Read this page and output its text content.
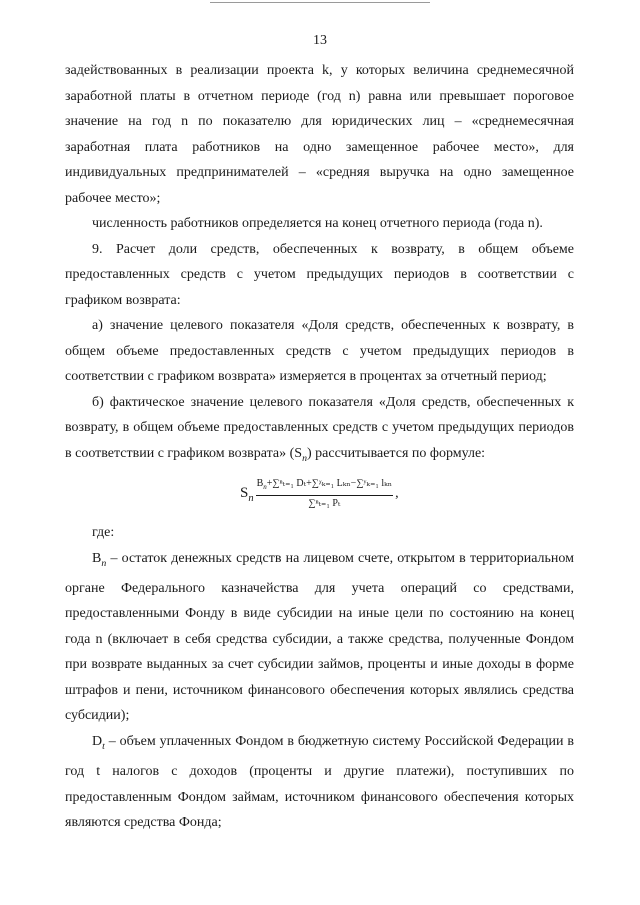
13

задействованных в реализации проекта k, у которых величина среднемесячной заработной платы в отчетном периоде (год n) равна или превышает пороговое значение на год n по показателю для юридических лиц – «среднемесячная заработная плата работников на одно замещенное рабочее место», для индивидуальных предпринимателей – «средняя выручка на одно замещенное рабочее место»;

численность работников определяется на конец отчетного периода (года n).

9. Расчет доли средств, обеспеченных к возврату, в общем объеме предоставленных средств с учетом предыдущих периодов в соответствии с графиком возврата:

а) значение целевого показателя «Доля средств, обеспеченных к возврату, в общем объеме предоставленных средств с учетом предыдущих периодов в соответствии с графиком возврата» измеряется в процентах за отчетный период;

б) фактическое значение целевого показателя «Доля средств, обеспеченных к возврату, в общем объеме предоставленных средств с учетом предыдущих периодов в соответствии с графиком возврата» $(S_n)$ рассчитывается по формуле:

$S_n \frac{B_n+\sum^n_{t=1} D_t+\sum ᵡ_{k=1} L_{kn}-\sum ʸ_{k=1} l_{kn}}{\text{∑ⁿₜ₌₁ Pₜ}}$ ,

где:

$B_n$ – остаток денежных средств на лицевом счете, открытом в территориальном органе Федерального казначейства для учета операций со средствами, предоставленными Фонду в виде субсидии на иные цели по состоянию на конец года n (включает в себя средства субсидии, а также средства, полученные Фондом при возврате выданных за счет субсидии займов, проценты и иные доходы в форме штрафов и пени, источником финансового обеспечения которых являлись средства субсидии);

$D_t$ – объем уплаченных Фондом в бюджетную систему Российской Федерации в год t налогов с доходов (проценты и другие платежи), поступивших по предоставленным Фондом займам, источником финансового обеспечения которых являются средства Фонда;
